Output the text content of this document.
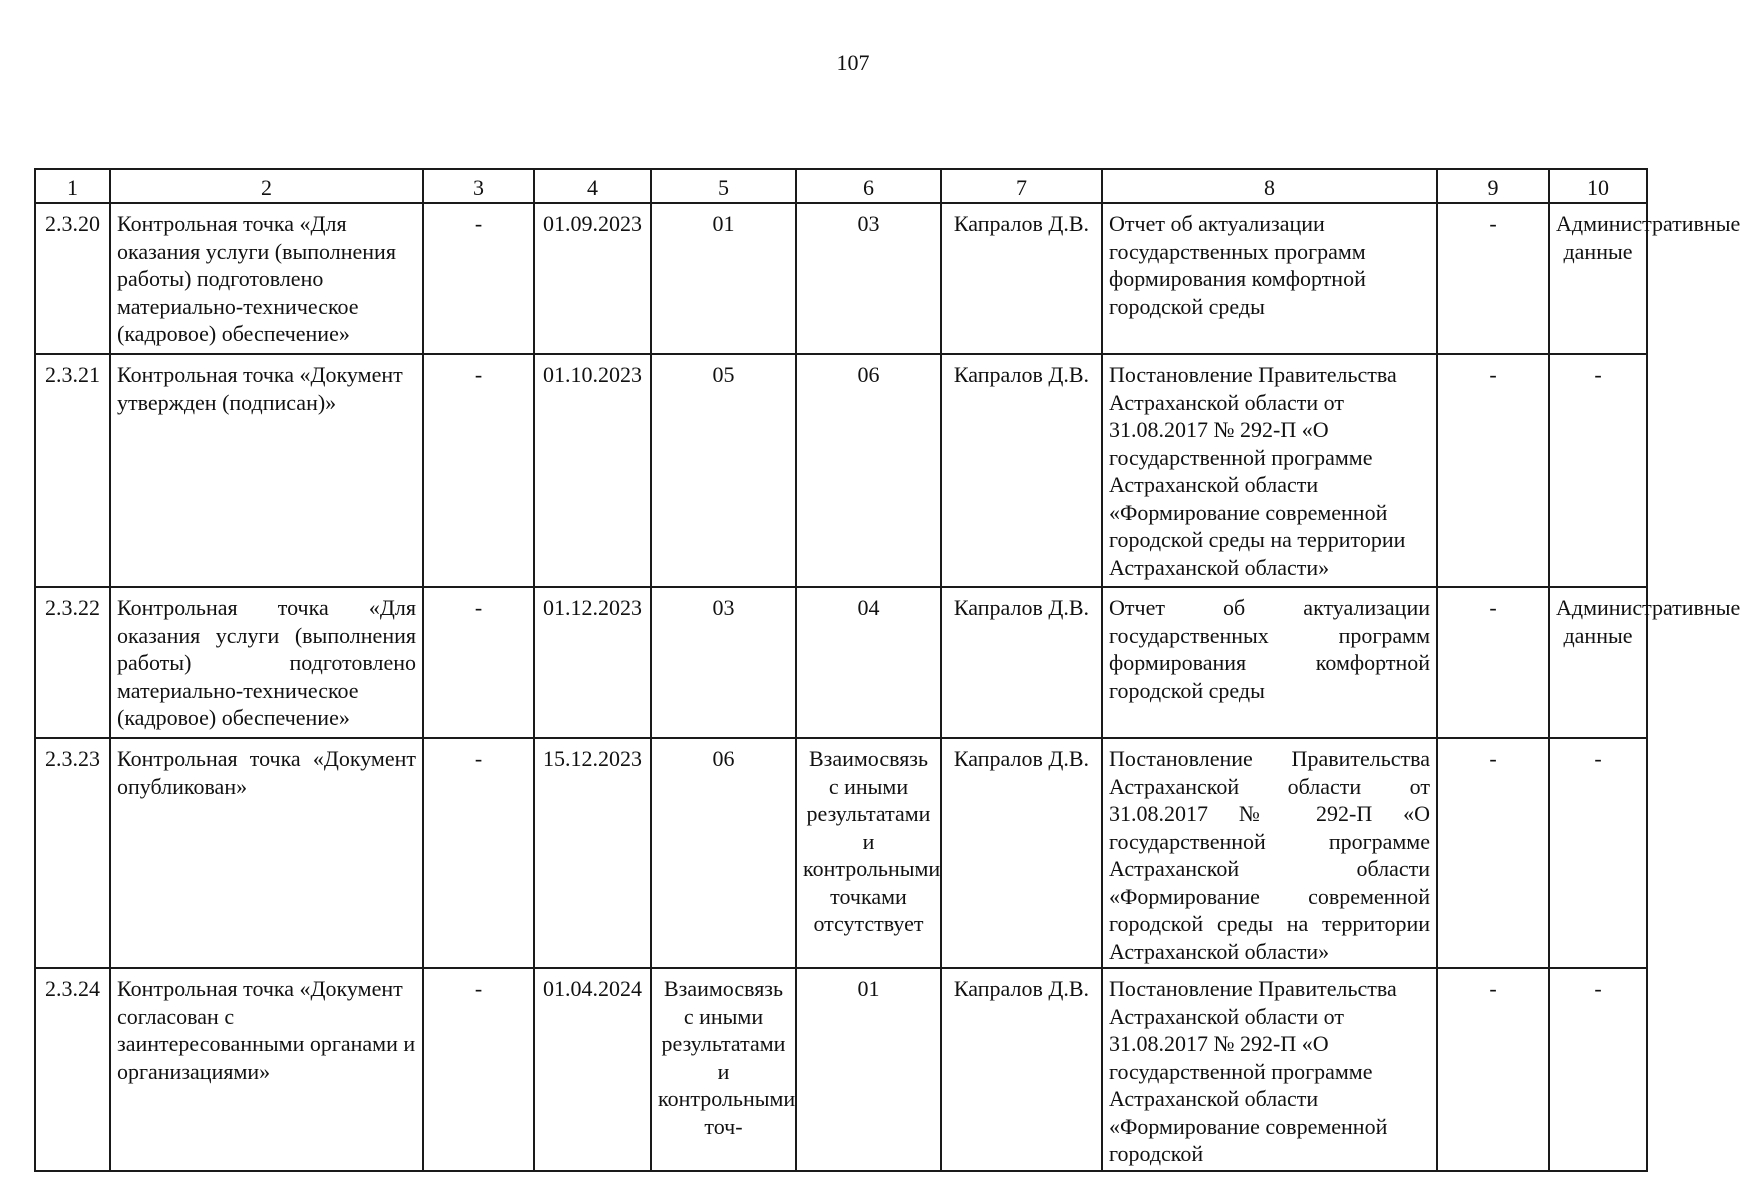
107
1	2	3	4	5	6	7	8	9	10
2.3.20	Контрольная точка «Для оказания услуги (выполнения работы) подготовлено материально-техническое (кадровое) обеспечение»	-	01.09.2023	01	03	Капралов Д.В.	Отчет об актуализации государственных программ формирования комфортной городской среды	-	Административные данные
2.3.21	Контрольная точка «Документ утвержден (подписан)»	-	01.10.2023	05	06	Капралов Д.В.	Постановление Правительства Астраханской области от 31.08.2017 № 292-П «О государственной программе Астраханской области «Формирование современной городской среды на территории Астраханской области»	-	-
2.3.22	Контрольная точка «Для оказания услуги (выполнения работы) подготовлено материально-техническое (кадровое) обеспечение»	-	01.12.2023	03	04	Капралов Д.В.	Отчет об актуализации государственных программ формирования комфортной городской среды	-	Административные данные
2.3.23	Контрольная точка «Документ опубликован»	-	15.12.2023	06	Взаимосвязь с иными результатами и контрольными точками отсутствует	Капралов Д.В.	Постановление Правительства Астраханской области от 31.08.2017 № 292-П «О государственной программе Астраханской области «Формирование современной городской среды на территории Астраханской области»	-	-
2.3.24	Контрольная точка «Документ согласован с заинтересованными органами и организациями»	-	01.04.2024	Взаимосвязь с иными результатами и контрольными точ-	01	Капралов Д.В.	Постановление Правительства Астраханской области от 31.08.2017 № 292-П «О государственной программе Астраханской области «Формирование современной городской	-	-
